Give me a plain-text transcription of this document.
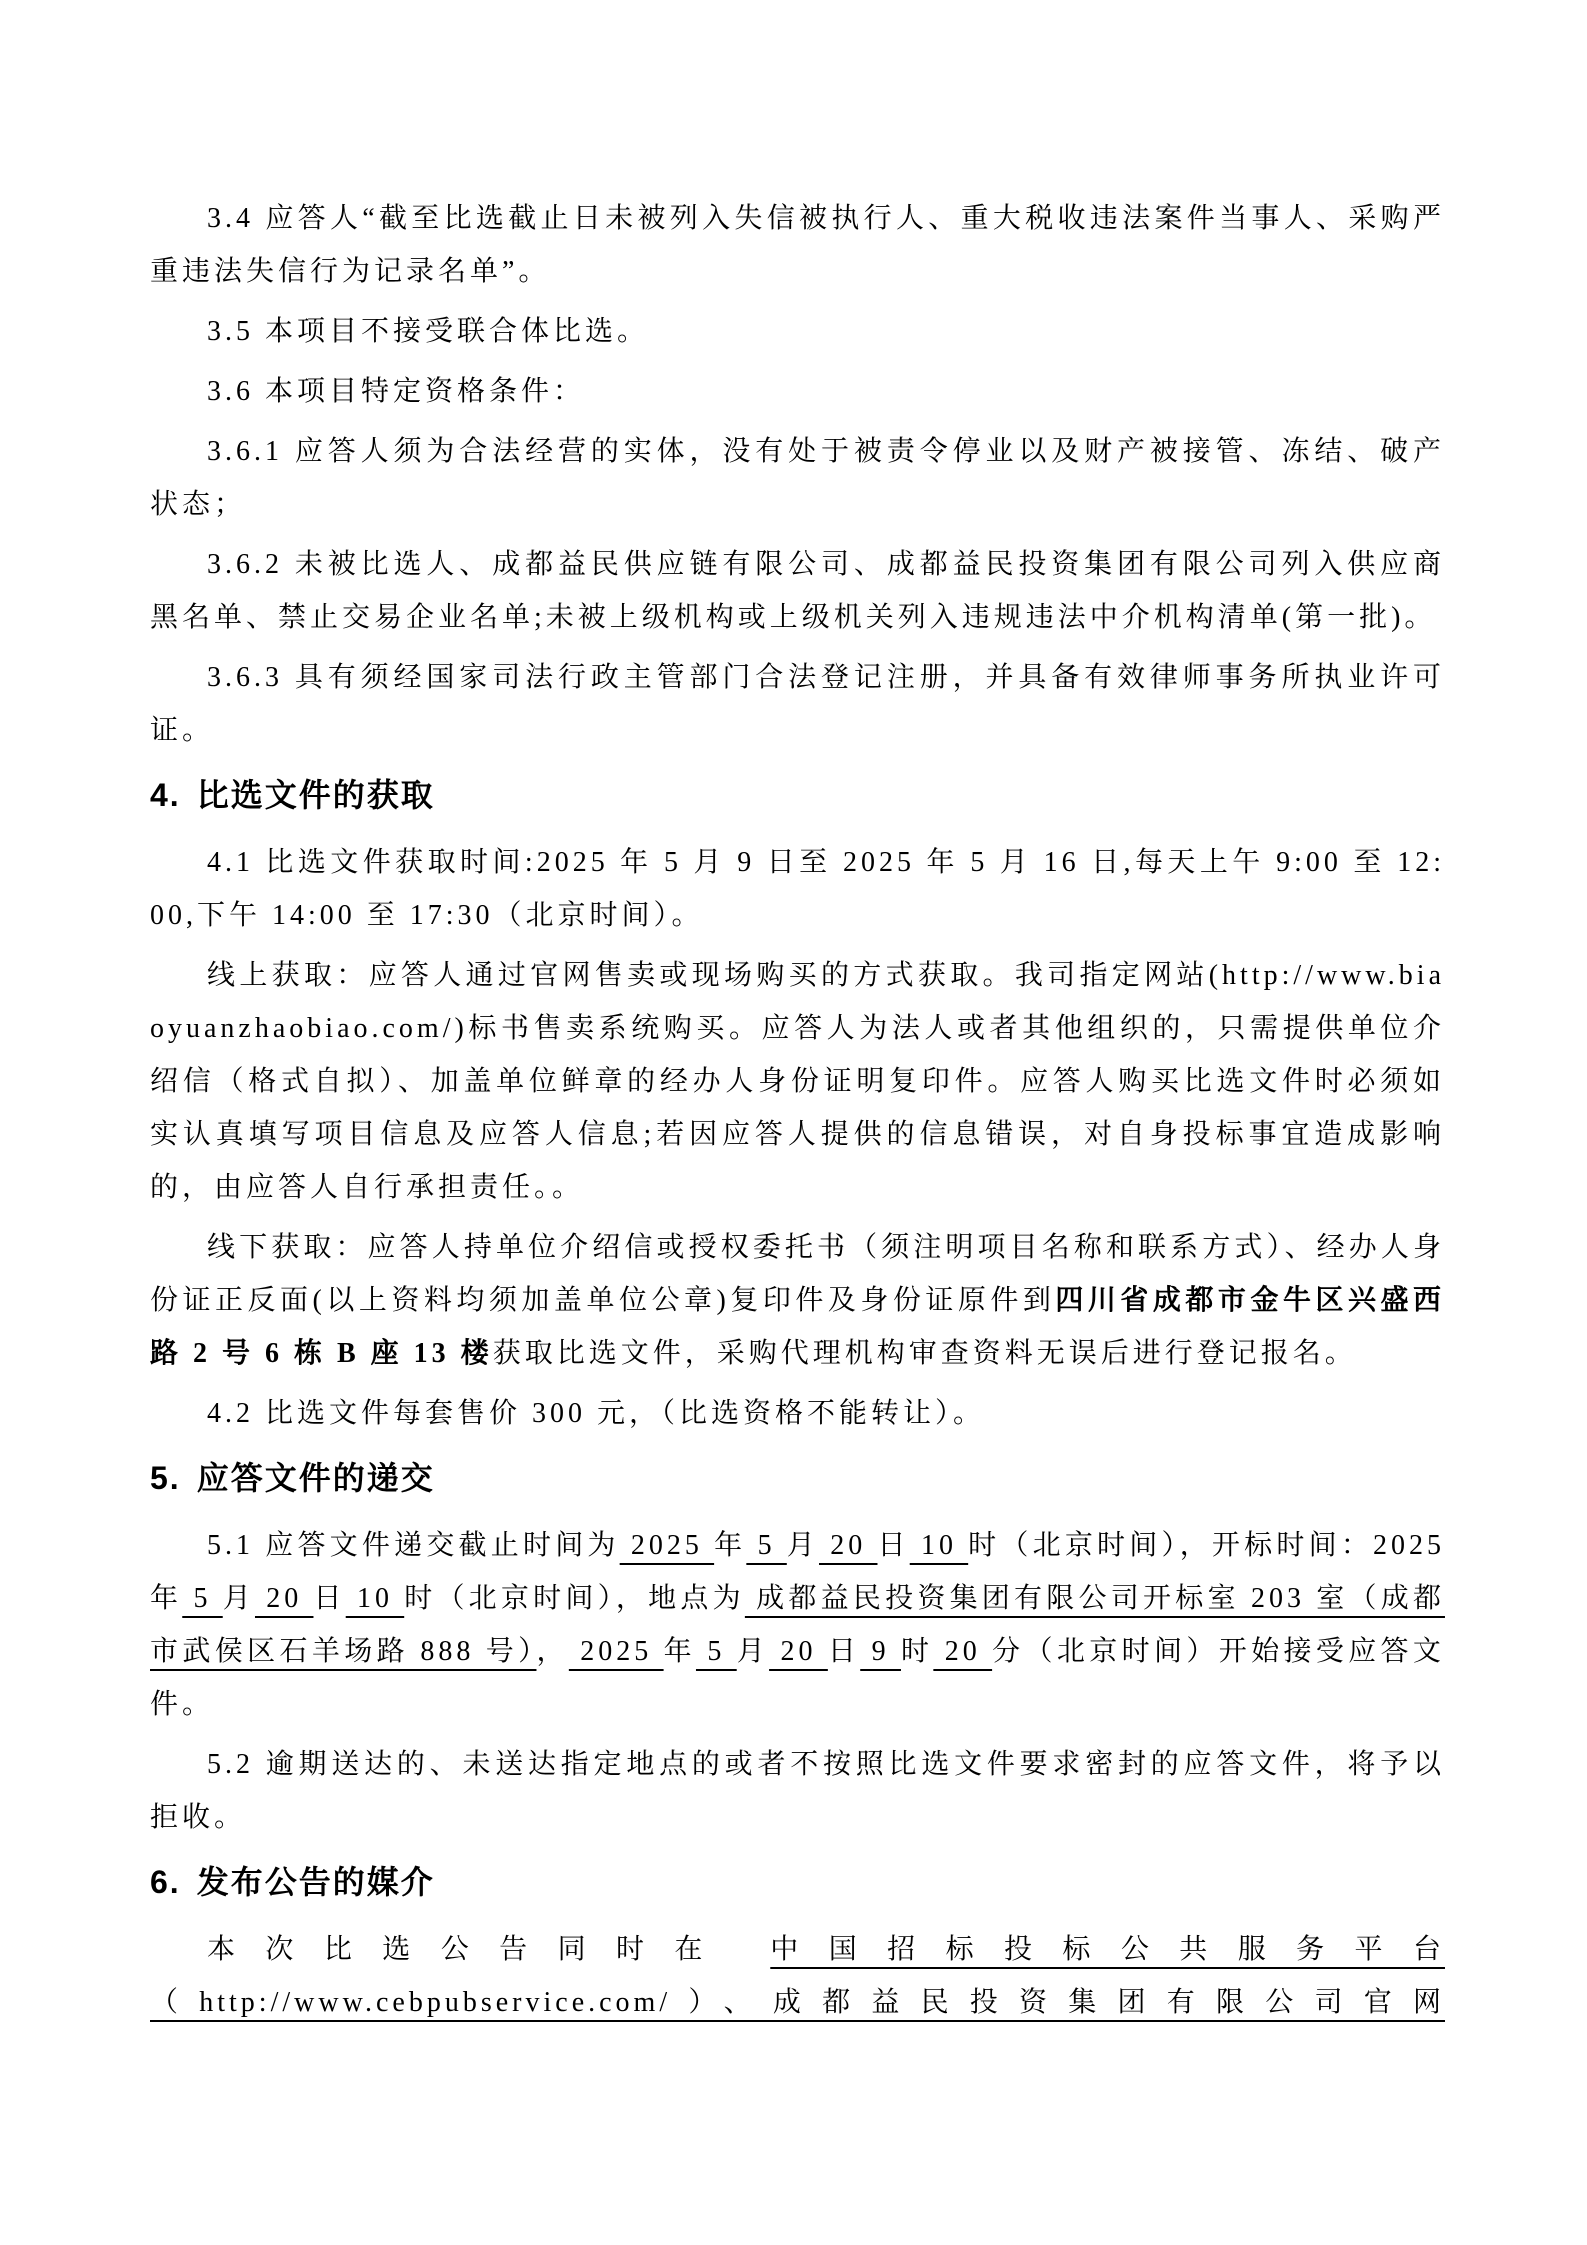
3.4 应答人“截至比选截止日未被列入失信被执行人、重大税收违法案件当事人、采购严重违法失信行为记录名单”。

3.5 本项目不接受联合体比选。

3.6 本项目特定资格条件：

3.6.1 应答人须为合法经营的实体，没有处于被责令停业以及财产被接管、冻结、破产状态；

3.6.2 未被比选人、成都益民供应链有限公司、成都益民投资集团有限公司列入供应商黑名单、禁止交易企业名单;未被上级机构或上级机关列入违规违法中介机构清单(第一批)。

3.6.3 具有须经国家司法行政主管部门合法登记注册，并具备有效律师事务所执业许可证。

4. 比选文件的获取

4.1 比选文件获取时间:2025 年 5 月 9 日至 2025 年 5 月 16 日,每天上午 9:00 至 12:00,下午 14:00 至 17:30（北京时间）。

线上获取：应答人通过官网售卖或现场购买的方式获取。我司指定网站(http://www.biaoyuanzhaobiao.com/)标书售卖系统购买。应答人为法人或者其他组织的，只需提供单位介绍信（格式自拟）、加盖单位鲜章的经办人身份证明复印件。应答人购买比选文件时必须如实认真填写项目信息及应答人信息;若因应答人提供的信息错误，对自身投标事宜造成影响的，由应答人自行承担责任。。

线下获取：应答人持单位介绍信或授权委托书（须注明项目名称和联系方式）、经办人身份证正反面(以上资料均须加盖单位公章)复印件及身份证原件到四川省成都市金牛区兴盛西路 2 号 6 栋 B 座 13 楼获取比选文件，采购代理机构审查资料无误后进行登记报名。

4.2 比选文件每套售价 300 元，（比选资格不能转让）。

5. 应答文件的递交

5.1 应答文件递交截止时间为 2025 年 5 月 20 日 10 时（北京时间），开标时间：2025 年 5 月 20 日 10 时（北京时间），地点为 成都益民投资集团有限公司开标室 203 室（成都市武侯区石羊场路 888 号）， 2025 年 5 月 20 日 9 时 20 分（北京时间）开始接受应答文件。

5.2 逾期送达的、未送达指定地点的或者不按照比选文件要求密封的应答文件，将予以拒收。

6. 发布公告的媒介

本次比选公告同时在 中国招标投标公共服务平台
（http://www.cebpubservice.com/）、成都益民投资集团有限公司官网
